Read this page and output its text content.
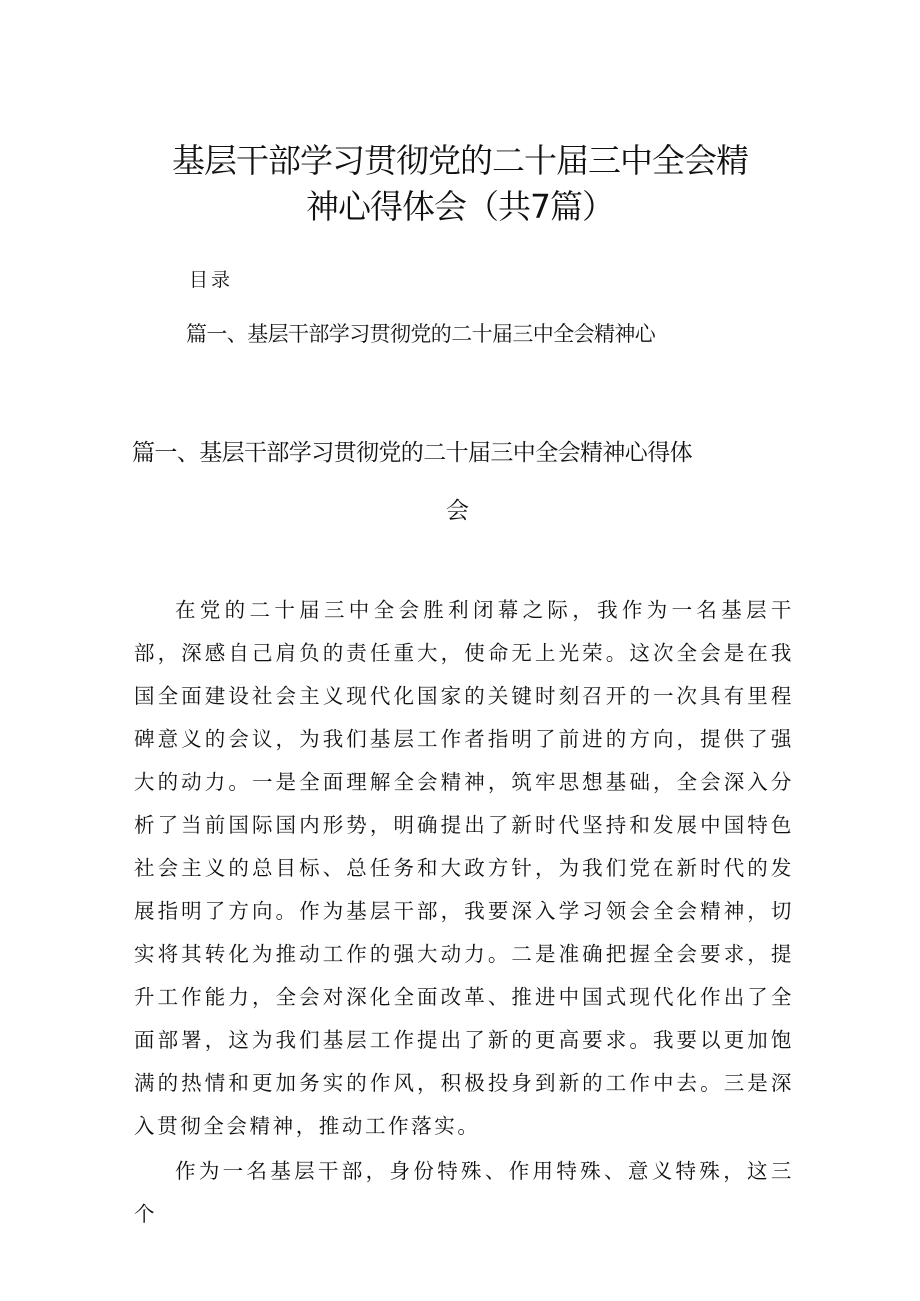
基层干部学习贯彻党的二十届三中全会精
神心得体会（共7篇）
目录
篇一、基层干部学习贯彻党的二十届三中全会精神心
篇一、基层干部学习贯彻党的二十届三中全会精神心得体
会

在党的二十届三中全会胜利闭幕之际，我作为一名基层干部，深感自己肩负的责任重大，使命无上光荣。这次全会是在我国全面建设社会主义现代化国家的关键时刻召开的一次具有里程碑意义的会议，为我们基层工作者指明了前进的方向，提供了强大的动力。一是全面理解全会精神，筑牢思想基础，全会深入分析了当前国际国内形势，明确提出了新时代坚持和发展中国特色社会主义的总目标、总任务和大政方针，为我们党在新时代的发展指明了方向。作为基层干部，我要深入学习领会全会精神，切实将其转化为推动工作的强大动力。二是准确把握全会要求，提升工作能力，全会对深化全面改革、推进中国式现代化作出了全面部署，这为我们基层工作提出了新的更高要求。我要以更加饱满的热情和更加务实的作风，积极投身到新的工作中去。三是深入贯彻全会精神，推动工作落实。

作为一名基层干部，身份特殊、作用特殊、意义特殊，这三个
